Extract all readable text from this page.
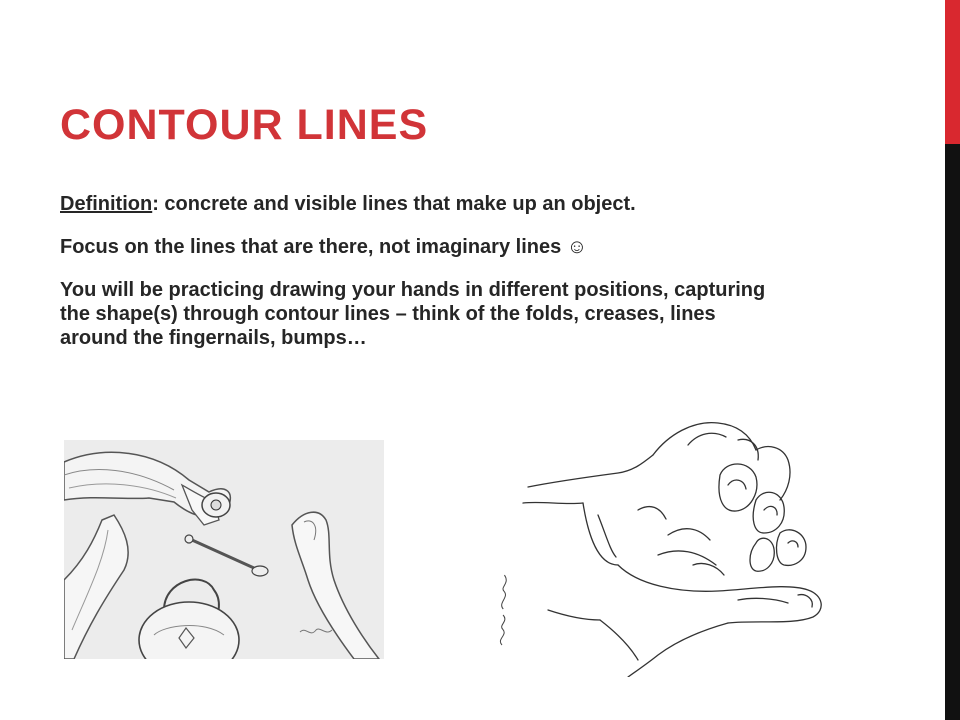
CONTOUR LINES

Definition: concrete and visible lines that make up an object.

Focus on the lines that are there, not imaginary lines ☺

You will be practicing drawing your hands in different positions, capturing the shape(s) through contour lines – think of the folds, creases, lines around the fingernails, bumps…
